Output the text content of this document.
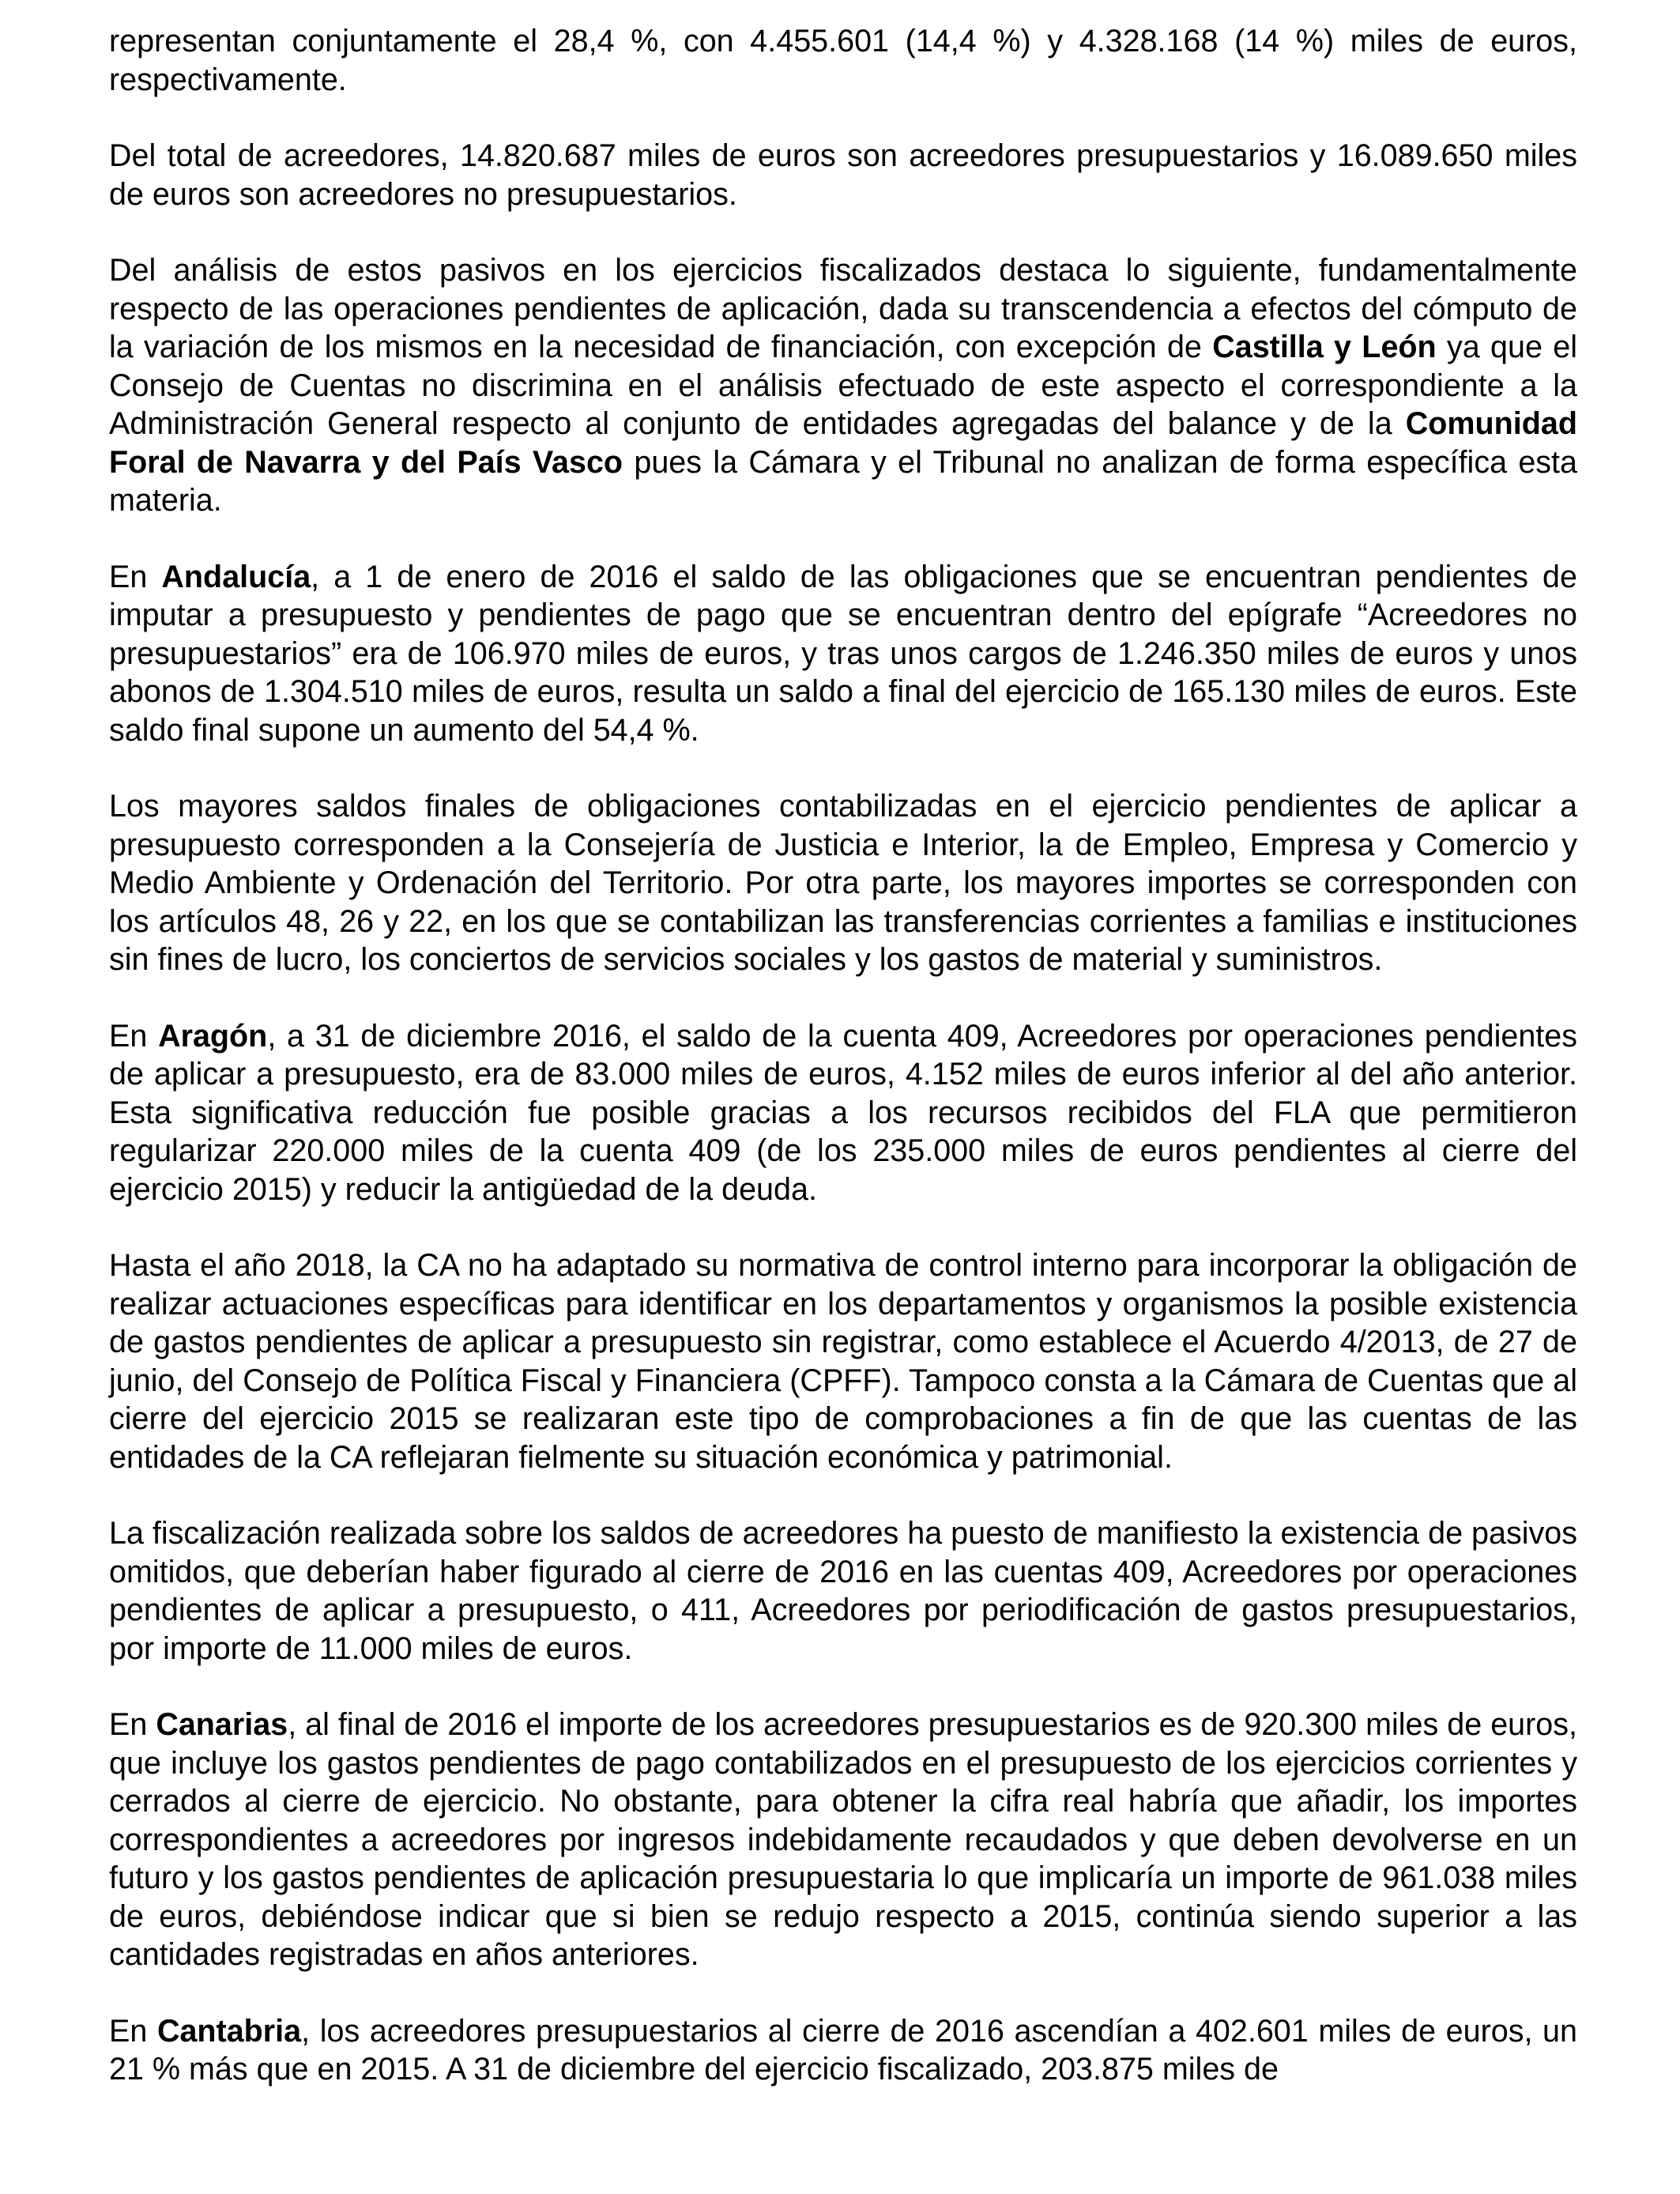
representan conjuntamente el 28,4 %, con 4.455.601 (14,4 %) y 4.328.168 (14 %) miles de euros, respectivamente.

Del total de acreedores, 14.820.687 miles de euros son acreedores presupuestarios y 16.089.650 miles de euros son acreedores no presupuestarios.

Del análisis de estos pasivos en los ejercicios fiscalizados destaca lo siguiente, fundamentalmente respecto de las operaciones pendientes de aplicación, dada su transcendencia a efectos del cómputo de la variación de los mismos en la necesidad de financiación, con excepción de Castilla y León ya que el Consejo de Cuentas no discrimina en el análisis efectuado de este aspecto el correspondiente a la Administración General respecto al conjunto de entidades agregadas del balance y de la Comunidad Foral de Navarra y del País Vasco pues la Cámara y el Tribunal no analizan de forma específica esta materia.

En Andalucía, a 1 de enero de 2016 el saldo de las obligaciones que se encuentran pendientes de imputar a presupuesto y pendientes de pago que se encuentran dentro del epígrafe “Acreedores no presupuestarios” era de 106.970 miles de euros, y tras unos cargos de 1.246.350 miles de euros y unos abonos de 1.304.510 miles de euros, resulta un saldo a final del ejercicio de 165.130 miles de euros. Este saldo final supone un aumento del 54,4 %.

Los mayores saldos finales de obligaciones contabilizadas en el ejercicio pendientes de aplicar a presupuesto corresponden a la Consejería de Justicia e Interior, la de Empleo, Empresa y Comercio y Medio Ambiente y Ordenación del Territorio. Por otra parte, los mayores importes se corresponden con los artículos 48, 26 y 22, en los que se contabilizan las transferencias corrientes a familias e instituciones sin fines de lucro, los conciertos de servicios sociales y los gastos de material y suministros.

En Aragón, a 31 de diciembre 2016, el saldo de la cuenta 409, Acreedores por operaciones pendientes de aplicar a presupuesto, era de 83.000 miles de euros, 4.152 miles de euros inferior al del año anterior. Esta significativa reducción fue posible gracias a los recursos recibidos del FLA que permitieron regularizar 220.000 miles de la cuenta 409 (de los 235.000 miles de euros pendientes al cierre del ejercicio 2015) y reducir la antigüedad de la deuda.

Hasta el año 2018, la CA no ha adaptado su normativa de control interno para incorporar la obligación de realizar actuaciones específicas para identificar en los departamentos y organismos la posible existencia de gastos pendientes de aplicar a presupuesto sin registrar, como establece el Acuerdo 4/2013, de 27 de junio, del Consejo de Política Fiscal y Financiera (CPFF). Tampoco consta a la Cámara de Cuentas que al cierre del ejercicio 2015 se realizaran este tipo de comprobaciones a fin de que las cuentas de las entidades de la CA reflejaran fielmente su situación económica y patrimonial.

La fiscalización realizada sobre los saldos de acreedores ha puesto de manifiesto la existencia de pasivos omitidos, que deberían haber figurado al cierre de 2016 en las cuentas 409, Acreedores por operaciones pendientes de aplicar a presupuesto, o 411, Acreedores por periodificación de gastos presupuestarios, por importe de 11.000 miles de euros.

En Canarias, al final de 2016 el importe de los acreedores presupuestarios es de 920.300 miles de euros, que incluye los gastos pendientes de pago contabilizados en el presupuesto de los ejercicios corrientes y cerrados al cierre de ejercicio. No obstante, para obtener la cifra real habría que añadir, los importes correspondientes a acreedores por ingresos indebidamente recaudados y que deben devolverse en un futuro y los gastos pendientes de aplicación presupuestaria lo que implicaría un importe de 961.038 miles de euros, debiéndose indicar que si bien se redujo respecto a 2015, continúa siendo superior a las cantidades registradas en años anteriores.

En Cantabria, los acreedores presupuestarios al cierre de 2016 ascendían a 402.601 miles de euros, un 21 % más que en 2015. A 31 de diciembre del ejercicio fiscalizado, 203.875 miles de
